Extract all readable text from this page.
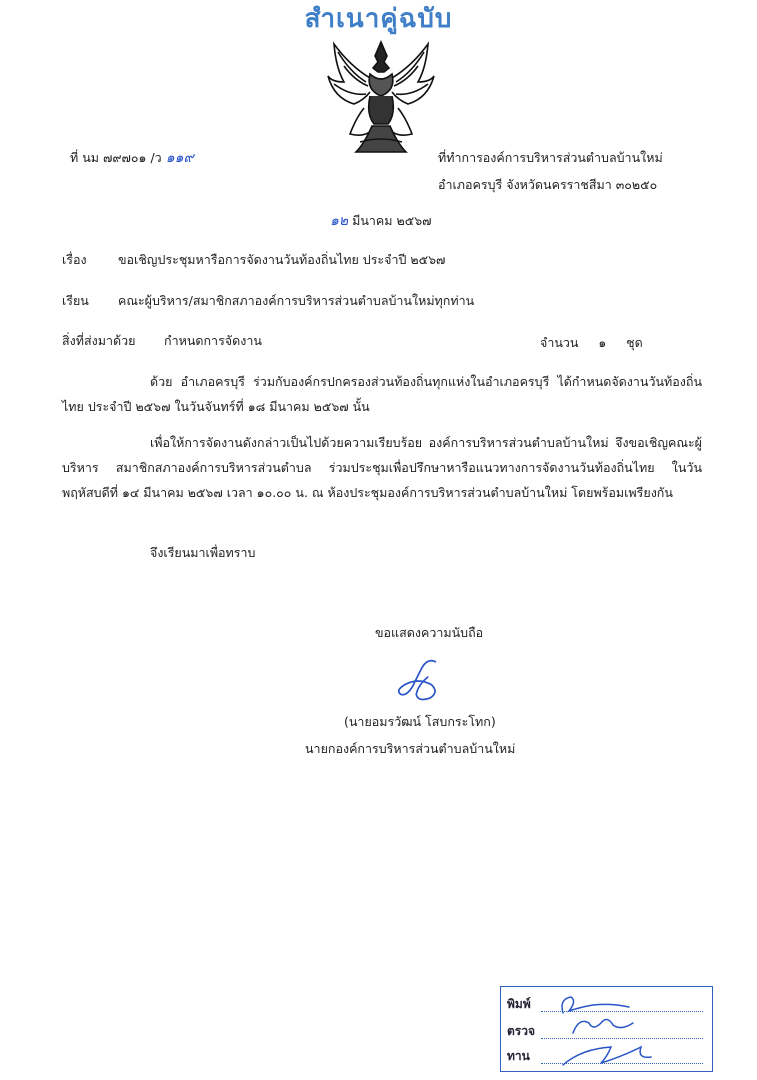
สำเนาคู่ฉบับ
ที่ นม ๗๙๗๐๑ /ว ๑๑๙	ที่ทำการองค์การบริหารส่วนตำบลบ้านใหม่
อำเภอครบุรี จังหวัดนครราชสีมา ๓๐๒๕๐
๑๒ มีนาคม ๒๕๖๗
เรื่อง	ขอเชิญประชุมหารือการจัดงานวันท้องถิ่นไทย ประจำปี ๒๕๖๗
เรียน คณะผู้บริหาร/สมาชิกสภาองค์การบริหารส่วนตำบลบ้านใหม่ทุกท่าน
สิ่งที่ส่งมาด้วย กำหนดการจัดงาน	จำนวน     ๑     ชุด
ด้วย อำเภอครบุรี ร่วมกับองค์กรปกครองส่วนท้องถิ่นทุกแห่งในอำเภอครบุรี ได้กำหนดจัดงานวันท้องถิ่นไทย ประจำปี ๒๕๖๗ ในวันจันทร์ที่ ๑๘ มีนาคม ๒๕๖๗ นั้น
เพื่อให้การจัดงานดังกล่าวเป็นไปด้วยความเรียบร้อย องค์การบริหารส่วนตำบลบ้านใหม่ จึงขอเชิญคณะผู้บริหาร สมาชิกสภาองค์การบริหารส่วนตำบล ร่วมประชุมเพื่อปรึกษาหารือแนวทางการจัดงานวันท้องถิ่นไทย ในวันพฤหัสบดีที่ ๑๔ มีนาคม ๒๕๖๗ เวลา ๑๐.๐๐ น. ณ ห้องประชุมองค์การบริหารส่วนตำบลบ้านใหม่ โดยพร้อมเพรียงกัน
จึงเรียนมาเพื่อทราบ
ขอแสดงความนับถือ
(นายอมรวัฒน์ โสบกระโทก)
นายกองค์การบริหารส่วนตำบลบ้านใหม่
พิมพ์
ตรวจ
ทาน
